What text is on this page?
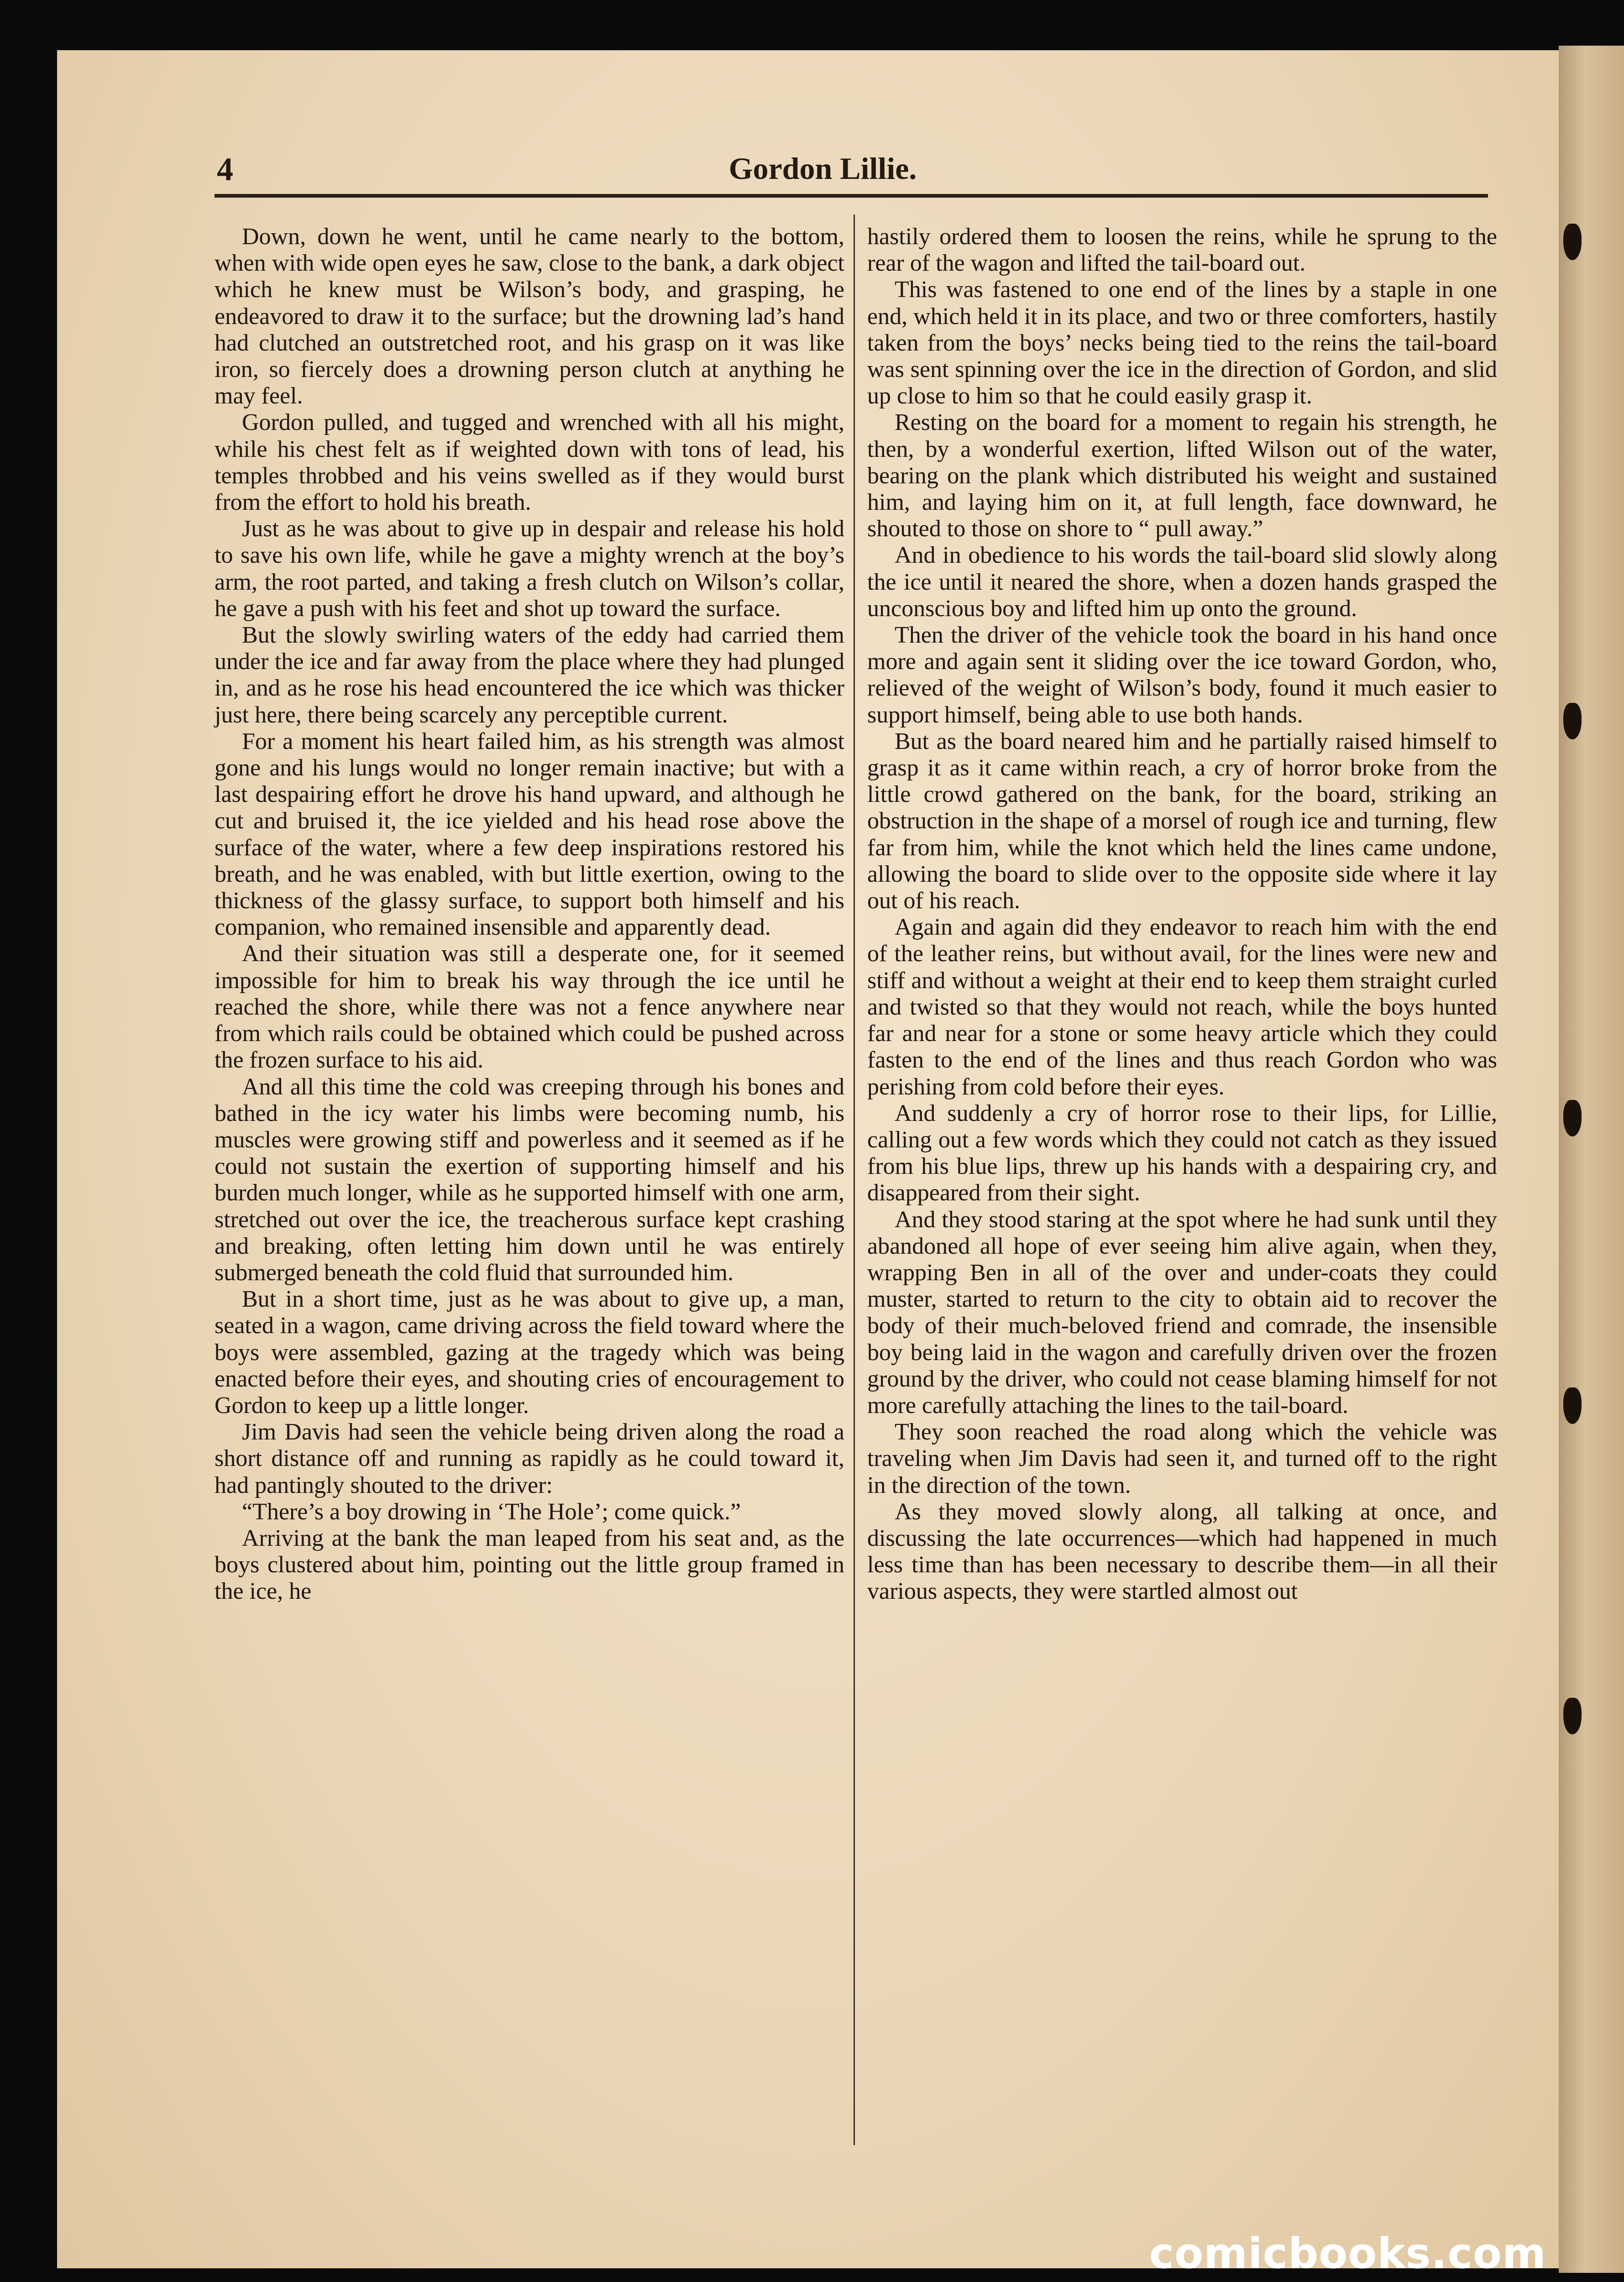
4	Gordon Lillie.

Down, down he went, until he came nearly to the bottom, when with wide open eyes he saw, close to the bank, a dark object which he knew must be Wilson’s body, and grasping, he endeavored to draw it to the surface; but the drowning lad’s hand had clutched an outstretched root, and his grasp on it was like iron, so fiercely does a drowning person clutch at anything he may feel.

Gordon pulled, and tugged and wrenched with all his might, while his chest felt as if weighted down with tons of lead, his temples throbbed and his veins swelled as if they would burst from the effort to hold his breath.

Just as he was about to give up in despair and release his hold to save his own life, while he gave a mighty wrench at the boy’s arm, the root parted, and taking a fresh clutch on Wilson’s collar, he gave a push with his feet and shot up toward the surface.

But the slowly swirling waters of the eddy had carried them under the ice and far away from the place where they had plunged in, and as he rose his head encountered the ice which was thicker just here, there being scarcely any perceptible current.

For a moment his heart failed him, as his strength was almost gone and his lungs would no longer remain inactive; but with a last despairing effort he drove his hand upward, and although he cut and bruised it, the ice yielded and his head rose above the surface of the water, where a few deep inspirations restored his breath, and he was enabled, with but little exertion, owing to the thickness of the glassy surface, to support both himself and his companion, who remained insensible and apparently dead.

And their situation was still a desperate one, for it seemed impossible for him to break his way through the ice until he reached the shore, while there was not a fence anywhere near from which rails could be obtained which could be pushed across the frozen surface to his aid.

And all this time the cold was creeping through his bones and bathed in the icy water his limbs were becoming numb, his muscles were growing stiff and powerless and it seemed as if he could not sustain the exertion of supporting himself and his burden much longer, while as he supported himself with one arm, stretched out over the ice, the treacherous surface kept crashing and breaking, often letting him down until he was entirely submerged beneath the cold fluid that surrounded him.

But in a short time, just as he was about to give up, a man, seated in a wagon, came driving across the field toward where the boys were assembled, gazing at the tragedy which was being enacted before their eyes, and shouting cries of encouragement to Gordon to keep up a little longer.

Jim Davis had seen the vehicle being driven along the road a short distance off and running as rapidly as he could toward it, had pantingly shouted to the driver:

“There’s a boy drowing in ‘The Hole’; come quick.”

Arriving at the bank the man leaped from his seat and, as the boys clustered about him, pointing out the little group framed in the ice, he

hastily ordered them to loosen the reins, while he sprung to the rear of the wagon and lifted the tail-board out.

This was fastened to one end of the lines by a staple in one end, which held it in its place, and two or three comforters, hastily taken from the boys’ necks being tied to the reins the tail-board was sent spinning over the ice in the direction of Gordon, and slid up close to him so that he could easily grasp it.

Resting on the board for a moment to regain his strength, he then, by a wonderful exertion, lifted Wilson out of the water, bearing on the plank which distributed his weight and sustained him, and laying him on it, at full length, face downward, he shouted to those on shore to “ pull away.”

And in obedience to his words the tail-board slid slowly along the ice until it neared the shore, when a dozen hands grasped the unconscious boy and lifted him up onto the ground.

Then the driver of the vehicle took the board in his hand once more and again sent it sliding over the ice toward Gordon, who, relieved of the weight of Wilson’s body, found it much easier to support himself, being able to use both hands.

But as the board neared him and he partially raised himself to grasp it as it came within reach, a cry of horror broke from the little crowd gathered on the bank, for the board, striking an obstruction in the shape of a morsel of rough ice and turning, flew far from him, while the knot which held the lines came undone, allowing the board to slide over to the opposite side where it lay out of his reach.

Again and again did they endeavor to reach him with the end of the leather reins, but without avail, for the lines were new and stiff and without a weight at their end to keep them straight curled and twisted so that they would not reach, while the boys hunted far and near for a stone or some heavy article which they could fasten to the end of the lines and thus reach Gordon who was perishing from cold before their eyes.

And suddenly a cry of horror rose to their lips, for Lillie, calling out a few words which they could not catch as they issued from his blue lips, threw up his hands with a despairing cry, and disappeared from their sight.

And they stood staring at the spot where he had sunk until they abandoned all hope of ever seeing him alive again, when they, wrapping Ben in all of the over and under-coats they could muster, started to return to the city to obtain aid to recover the body of their much-beloved friend and comrade, the insensible boy being laid in the wagon and carefully driven over the frozen ground by the driver, who could not cease blaming himself for not more carefully attaching the lines to the tail-board.

They soon reached the road along which the vehicle was traveling when Jim Davis had seen it, and turned off to the right in the direction of the town.

As they moved slowly along, all talking at once, and discussing the late occurrences—which had happened in much less time than has been necessary to describe them—in all their various aspects, they were startled almost out

comicbooks.com
